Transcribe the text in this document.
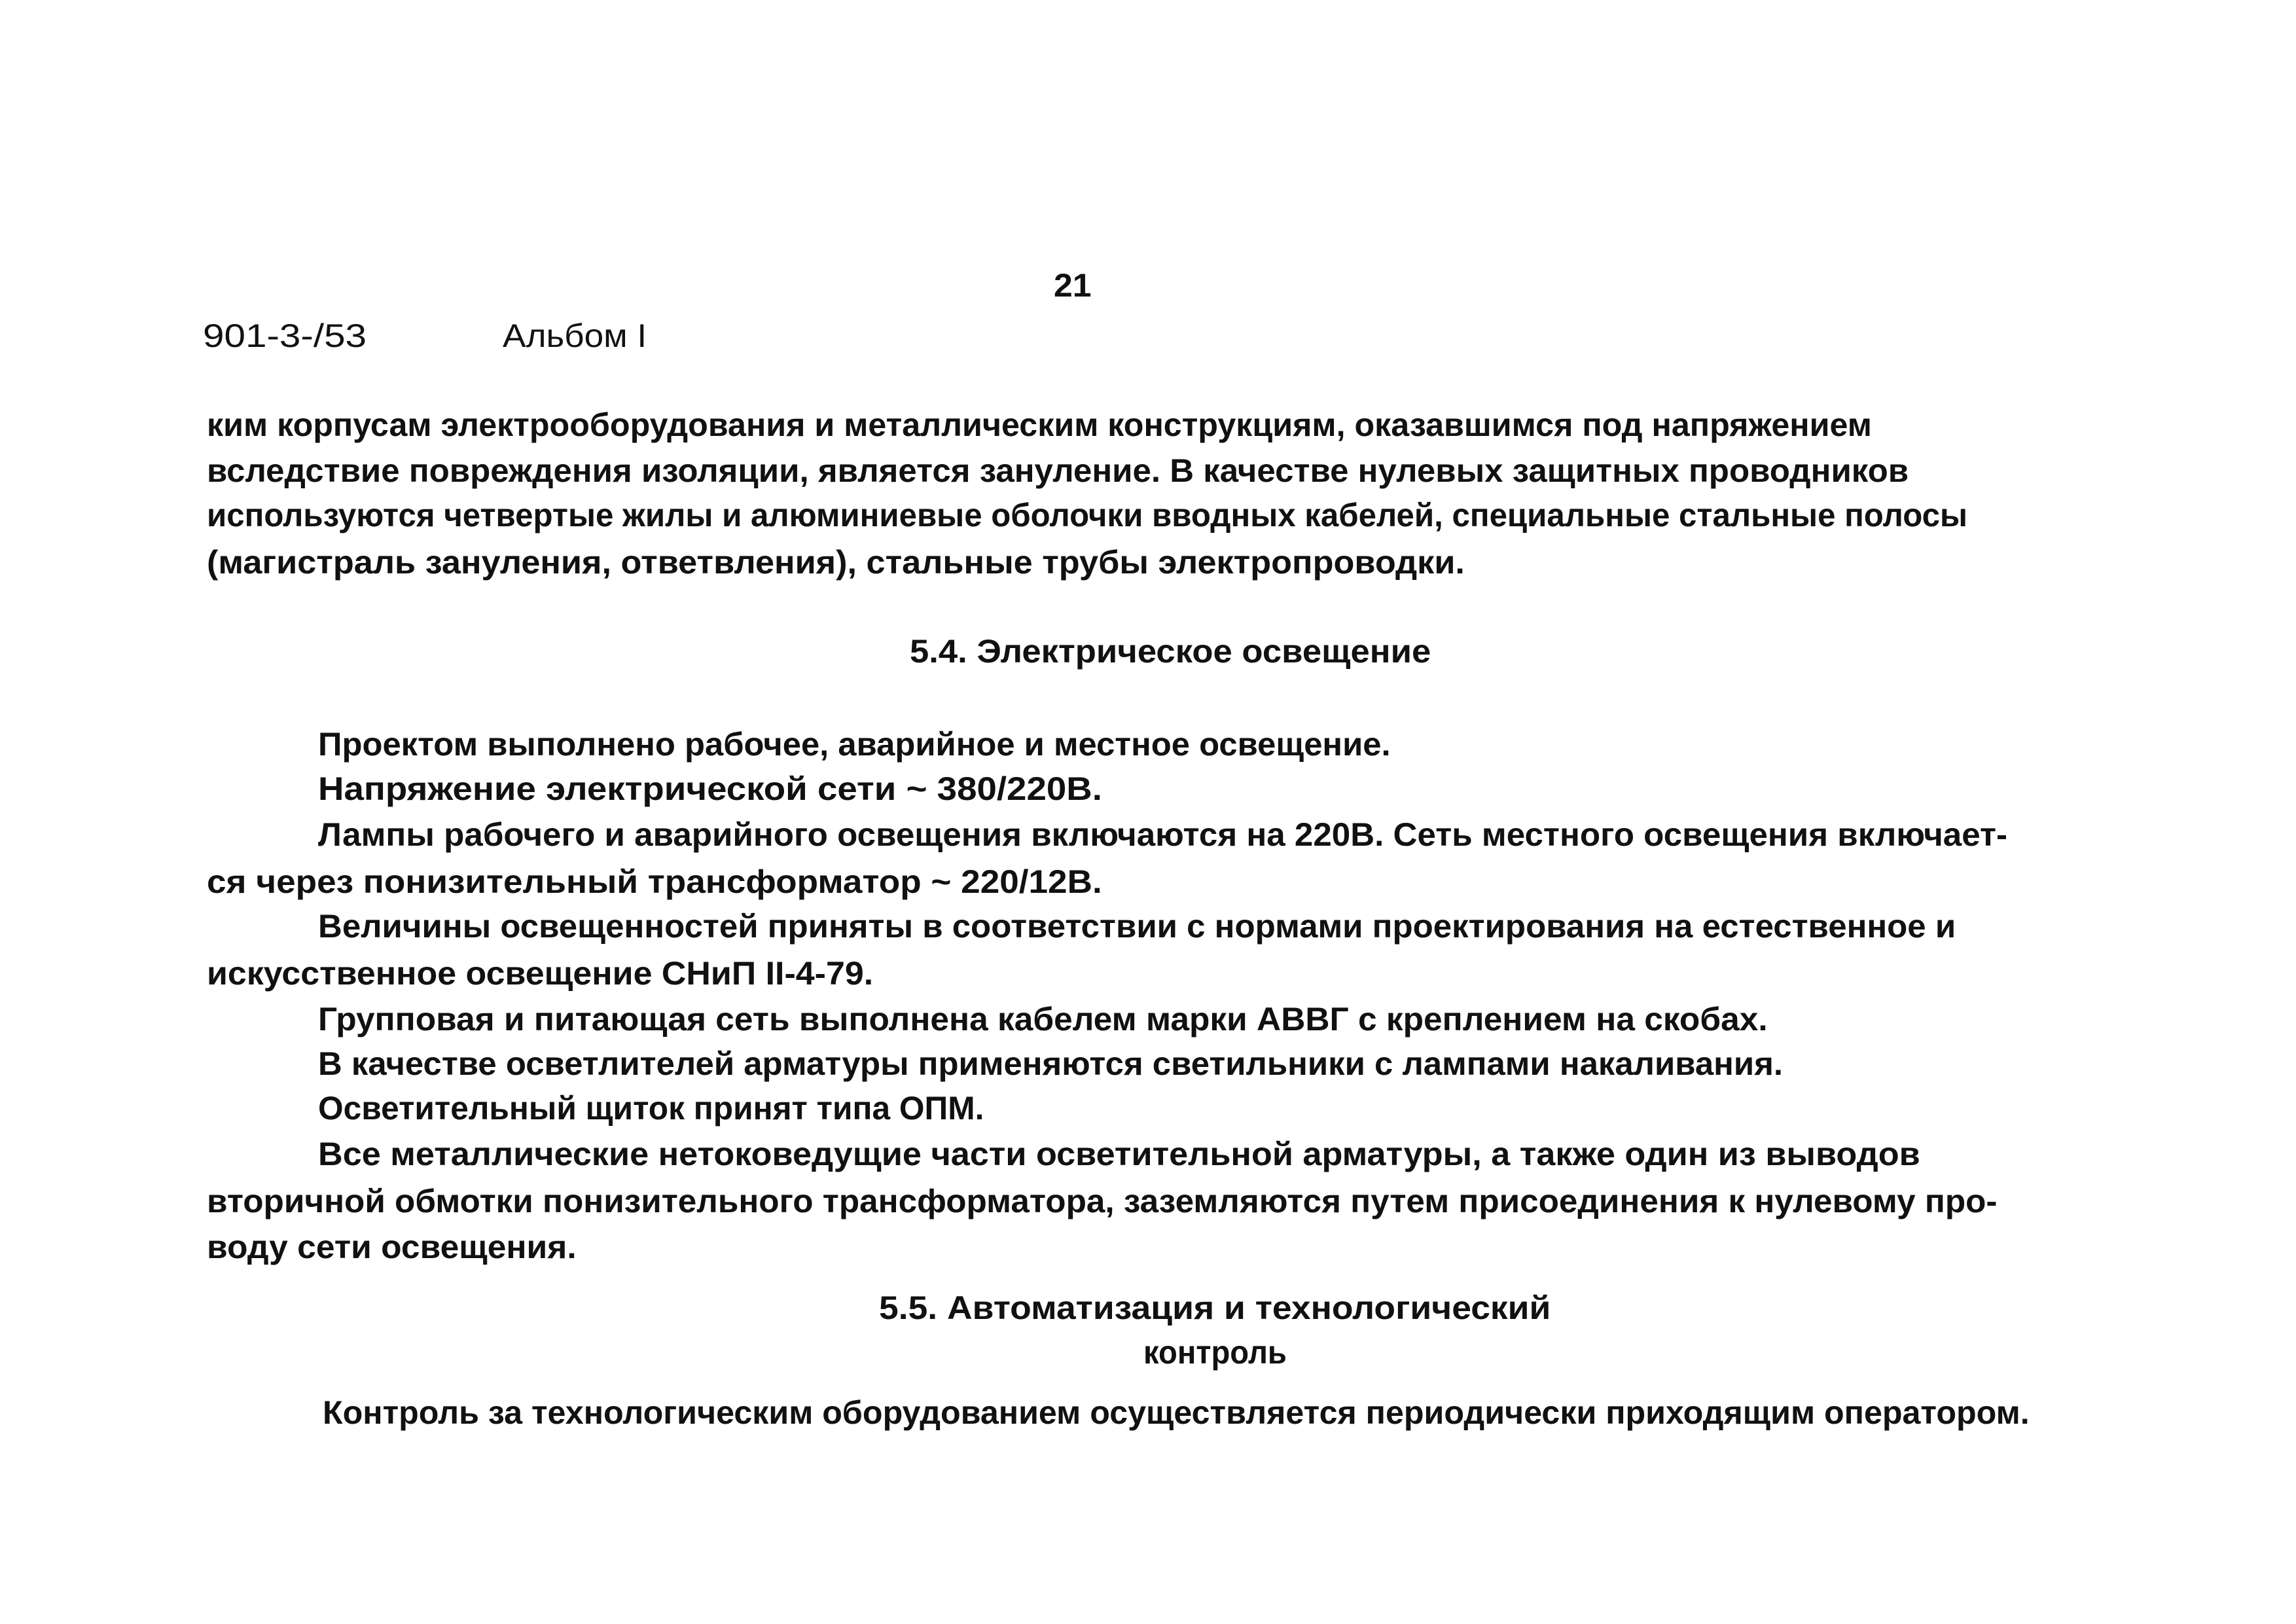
21
901-3-/53	Альбом I
ким корпусам электрооборудования и металлическим конструкциям, оказавшимся под напряжением
вследствие повреждения изоляции, является зануление. В качестве нулевых защитных проводников
используются четвертые жилы и алюминиевые оболочки вводных кабелей, специальные стальные полосы
(магистраль зануления, ответвления), стальные трубы электропроводки.
5.4. Электрическое освещение
Проектом выполнено рабочее, аварийное и местное освещение.
Напряжение электрической сети ~ 380/220В.
Лампы рабочего и аварийного освещения включаются на 220В. Сеть местного освещения включает-
ся через понизительный трансформатор ~ 220/12В.
Величины освещенностей приняты в соответствии с нормами проектирования на естественное и
искусственное освещение СНиП II-4-79.
Групповая и питающая сеть выполнена кабелем марки АВВГ с креплением на скобах.
В качестве осветлителей арматуры применяются светильники с лампами накаливания.
Осветительный щиток принят типа ОПМ.
Все металлические нетоковедущие части осветительной арматуры, а также один из выводов
вторичной обмотки понизительного трансформатора, заземляются путем присоединения к нулевому про-
воду сети освещения.
5.5. Автоматизация и технологический
контроль
Контроль за технологическим оборудованием осуществляется периодически приходящим оператором.
